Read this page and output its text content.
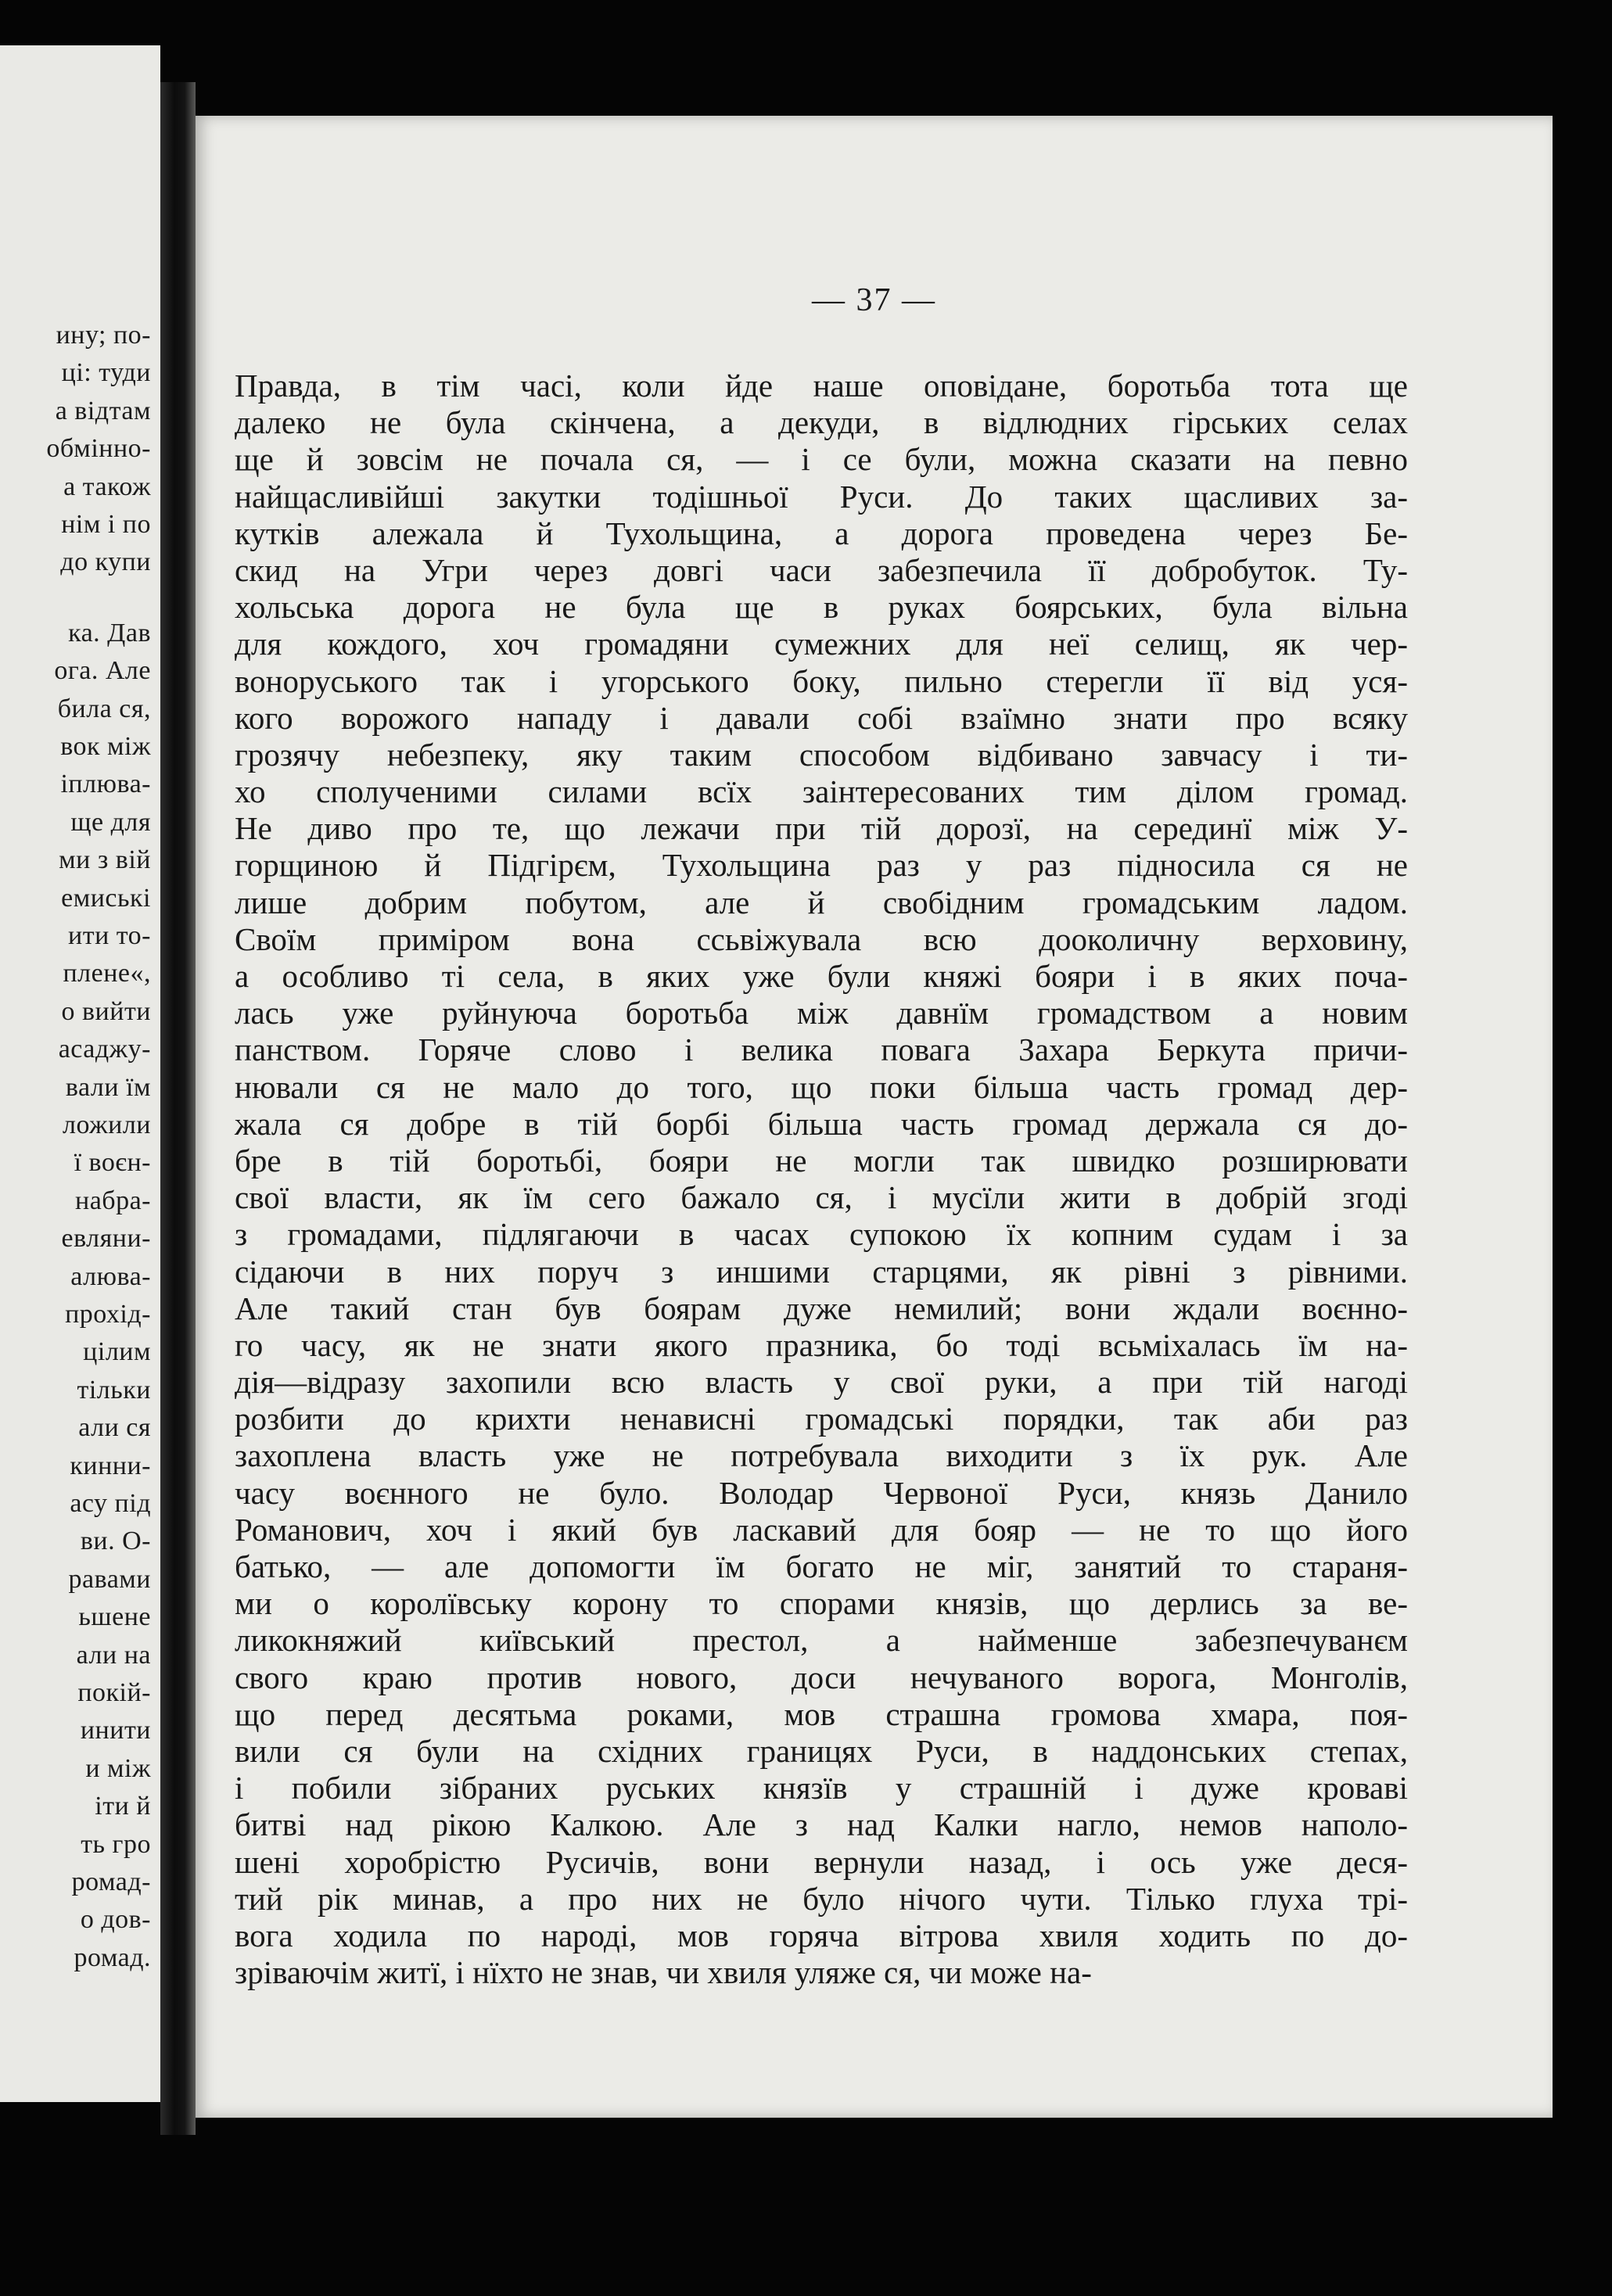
ину; по-
ці: туди
а відтам
обмінно-
а також
нім і по
до купи
ка. Дав
ога. Але
била ся,
вок між
іплюва-
ще для
ми з вій
емиські
ити то-
плене«,
о вийти
асаджу-
вали їм
ложили
ї воєн-
набра-
евляни-
алюва-
прохід-
цілим
тільки
али ся
кинни-
асу під
ви. О-
равами
ьшене
али на
покій-
инити
и між
іти й
ть гро
ромад-
о дов-
ромад.
— 37 —
Правда, в тім часі, коли йде наше оповідане, боротьба тота ще
далеко не була скінчена, а декуди, в відлюдних гірських селах
ще й зовсім не почала ся, — і се були, можна сказати на певно
найщасливійші закутки тодішньої Руси. До таких щасливих за-
кутків алежала й Тухольщина, а дорога проведена через Бе-
скид на Угри через довгі часи забезпечила її добробуток. Ту-
хольська дорога не була ще в руках боярських, була вільна
для кождого, хоч громадяни сумежних для неї селищ, як чер-
воноруського так і угорського боку, пильно стерегли її від уся-
кого ворожого нападу і давали собі взаїмно знати про всяку
грозячу небезпеку, яку таким способом відбивано завчасу і ти-
хо сполученими силами всїх заінтересованих тим ділом громад.
Не диво про те, що лежачи при тій дорозї, на серединї між У-
горщиною й Підгірєм, Тухольщина раз у раз підносила ся не
лише добрим побутом, але й свобідним громадським ладом.
Своїм приміром вона ссьвіжувала всю дооколичну верховину,
а особливо ті села, в яких уже були княжі бояри і в яких поча-
лась уже руйнуюча боротьба між давнїм громадством а новим
панством. Горяче слово і велика повага Захара Беркута причи-
нювали ся не мало до того, що поки більша часть громад дер-
жала ся добре в тій борбі більша часть громад держала ся до-
бре в тій боротьбі, бояри не могли так швидко розширювати
свої власти, як їм сего бажало ся, і мусїли жити в добрій згоді
з громадами, підлягаючи в часах супокою їх копним судам і за
сідаючи в них поруч з иншими старцями, як рівні з рівними.
Але такий стан був боярам дуже немилий; вони ждали воєнно-
го часу, як не знати якого празника, бо тоді всьміхалась їм на-
дія—відразу захопили всю власть у свої руки, а при тій нагоді
розбити до крихти ненависні громадські порядки, так аби раз
захоплена власть уже не потребувала виходити з їх рук. Але
часу воєнного не було. Володар Червоної Руси, князь Данило
Романович, хоч і який був ласкавий для бояр — не то що його
батько, — але допомогти їм богато не міг, занятий то стараня-
ми о королївську корону то спорами князів, що дерлись за ве-
ликокняжий київський престол, а найменше забезпечуванєм
свого краю против нового, доси нечуваного ворога, Монголів,
що перед десятьма роками, мов страшна громова хмара, поя-
вили ся були на східних границях Руси, в наддонських степах,
і побили зібраних руських князїв у страшній і дуже кроваві
битві над рікою Калкою. Але з над Калки нагло, немов наполо-
шені хоробрістю Русичів, вони вернули назад, і ось уже деся-
тий рік минав, а про них не було нічого чути. Тілько глуха трі-
вога ходила по народі, мов горяча вітрова хвиля ходить по до-
зріваючім житї, і нїхто не знав, чи хвиля уляже ся, чи може на-
